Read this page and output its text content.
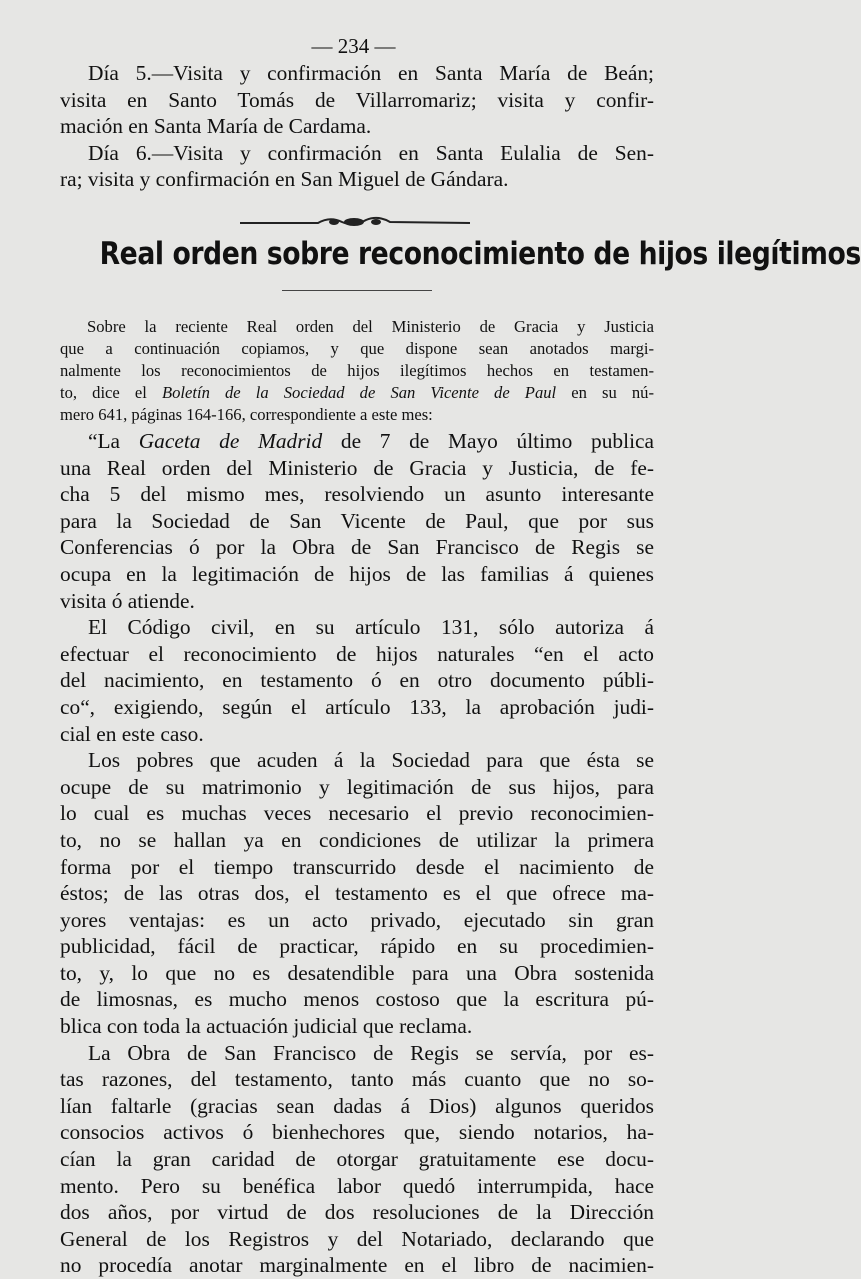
— 234 —
Día 5.—Visita y confirmación en Santa María de Beán;
visita en Santo Tomás de Villarromariz; visita y confir-
mación en Santa María de Cardama.
Día 6.—Visita y confirmación en Santa Eulalia de Sen-
ra; visita y confirmación en San Miguel de Gándara.
Real orden sobre reconocimiento de hijos ilegítimos
Sobre la reciente Real orden del Ministerio de Gracia y Justicia
que a continuación copiamos, y que dispone sean anotados margi-
nalmente los reconocimientos de hijos ilegítimos hechos en testamen-
to, dice el Boletín de la Sociedad de San Vicente de Paul en su nú-
mero 641, páginas 164-166, correspondiente a este mes:
“La Gaceta de Madrid de 7 de Mayo último publica
una Real orden del Ministerio de Gracia y Justicia, de fe-
cha 5 del mismo mes, resolviendo un asunto interesante
para la Sociedad de San Vicente de Paul, que por sus
Conferencias ó por la Obra de San Francisco de Regis se
ocupa en la legitimación de hijos de las familias á quienes
visita ó atiende.
El Código civil, en su artículo 131, sólo autoriza á
efectuar el reconocimiento de hijos naturales “en el acto
del nacimiento, en testamento ó en otro documento públi-
co“, exigiendo, según el artículo 133, la aprobación judi-
cial en este caso.
Los pobres que acuden á la Sociedad para que ésta se
ocupe de su matrimonio y legitimación de sus hijos, para
lo cual es muchas veces necesario el previo reconocimien-
to, no se hallan ya en condiciones de utilizar la primera
forma por el tiempo transcurrido desde el nacimiento de
éstos; de las otras dos, el testamento es el que ofrece ma-
yores ventajas: es un acto privado, ejecutado sin gran
publicidad, fácil de practicar, rápido en su procedimien-
to, y, lo que no es desatendible para una Obra sostenida
de limosnas, es mucho menos costoso que la escritura pú-
blica con toda la actuación judicial que reclama.
La Obra de San Francisco de Regis se servía, por es-
tas razones, del testamento, tanto más cuanto que no so-
lían faltarle (gracias sean dadas á Dios) algunos queridos
consocios activos ó bienhechores que, siendo notarios, ha-
cían la gran caridad de otorgar gratuitamente ese docu-
mento. Pero su benéfica labor quedó interrumpida, hace
dos años, por virtud de dos resoluciones de la Dirección
General de los Registros y del Notariado, declarando que
no procedía anotar marginalmente en el libro de nacimien-
